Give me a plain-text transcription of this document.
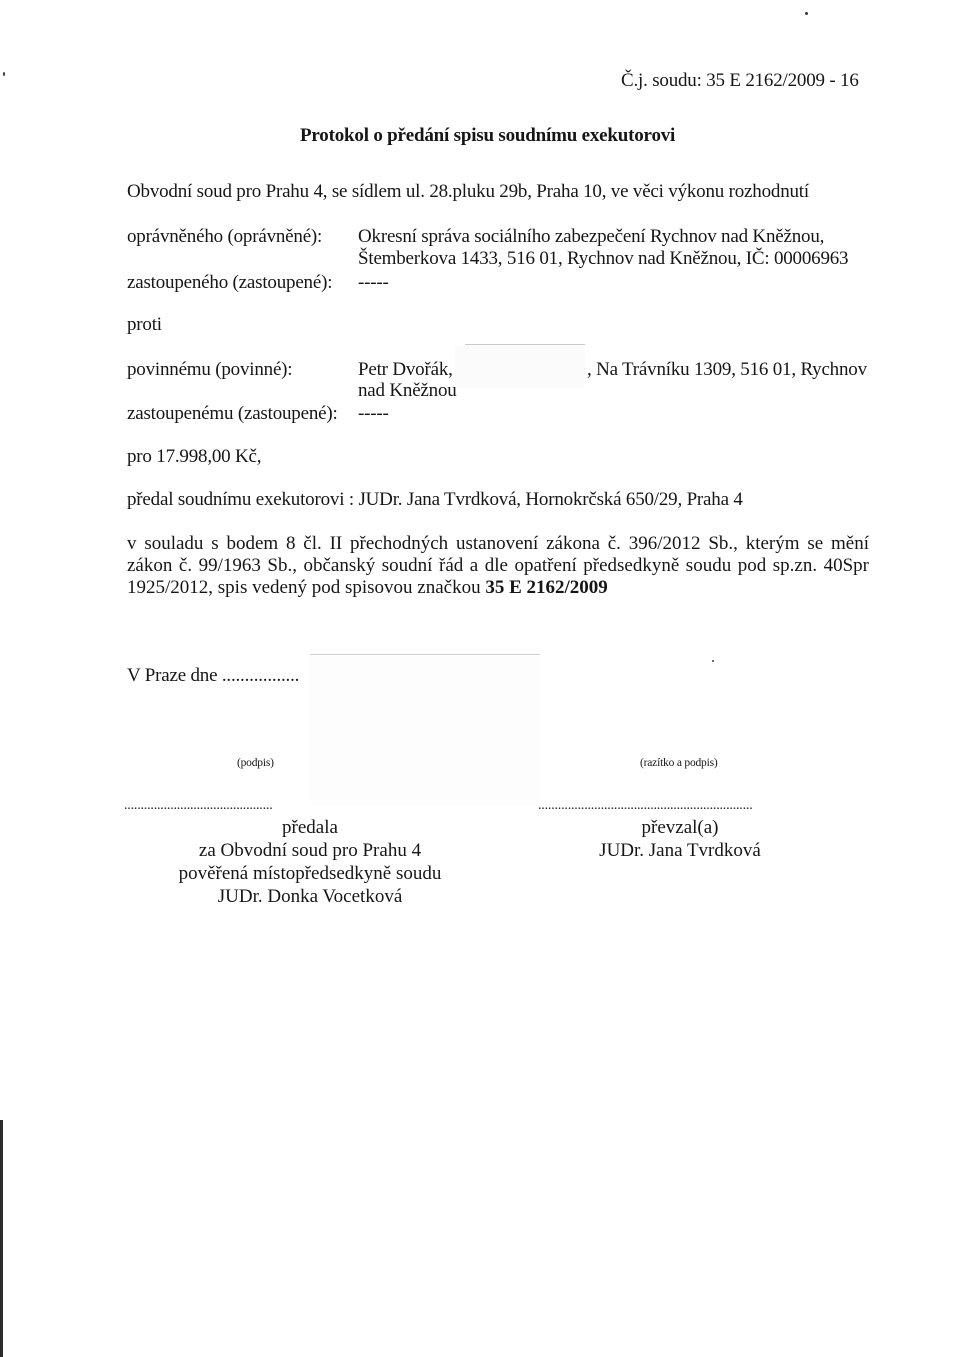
Č.j. soudu: 35 E 2162/2009 - 16
Protokol o předání spisu soudnímu exekutorovi
Obvodní soud pro Prahu 4, se sídlem ul. 28.pluku 29b, Praha 10, ve věci výkonu rozhodnutí
oprávněného (oprávněné): Okresní správa sociálního zabezpečení Rychnov nad Kněžnou,
Štemberkova 1433, 516 01, Rychnov nad Kněžnou, IČ: 00006963
zastoupeného (zastoupené): -----
proti
povinnému (povinné):	Petr Dvořák,	, Na Trávníku 1309, 516 01, Rychnov
nad Kněžnou
zastoupenému (zastoupené): -----
pro 17.998,00 Kč,
předal soudnímu exekutorovi : JUDr. Jana Tvrdková, Hornokrčská 650/29, Praha 4
v souladu s bodem 8 čl. II přechodných ustanovení zákona č. 396/2012 Sb., kterým se mění zákon č. 99/1963 Sb., občanský soudní řád a dle opatření předsedkyně soudu pod sp.zn. 40Spr 1925/2012, spis vedený pod spisovou značkou 35 E 2162/2009
V Praze dne .................
(podpis)	(razítko a podpis)
.............................................	.................................................................
předala
za Obvodní soud pro Prahu 4
pověřená místopředsedkyně soudu
JUDr. Donka Vocetková
převzal(a)
JUDr. Jana Tvrdková
